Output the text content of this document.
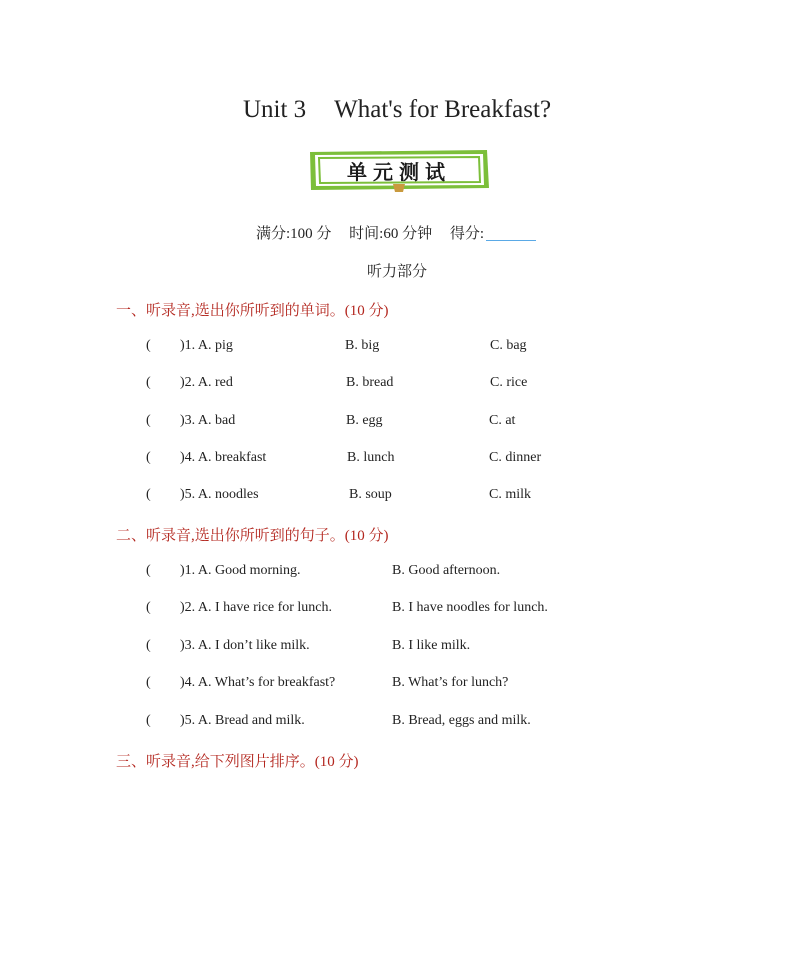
Unit 3 What's for Breakfast?
单元测试
满分:100 分 时间:60 分钟 得分:
听力部分
一、听录音,选出你所听到的单词。(10 分)
( )1. A. pig	B. big	C. bag
( )2. A. red	B. bread	C. rice
( )3. A. bad	B. egg	C. at
( )4. A. breakfast	B. lunch	C. dinner
( )5. A. noodles	B. soup	C. milk
二、听录音,选出你所听到的句子。(10 分)
( )1. A. Good morning.	B. Good afternoon.
( )2. A. I have rice for lunch.	B. I have noodles for lunch.
( )3. A. I don’t like milk.	B. I like milk.
( )4. A. What’s for breakfast?	B. What’s for lunch?
( )5. A. Bread and milk.	B. Bread, eggs and milk.
三、听录音,给下列图片排序。(10 分)
